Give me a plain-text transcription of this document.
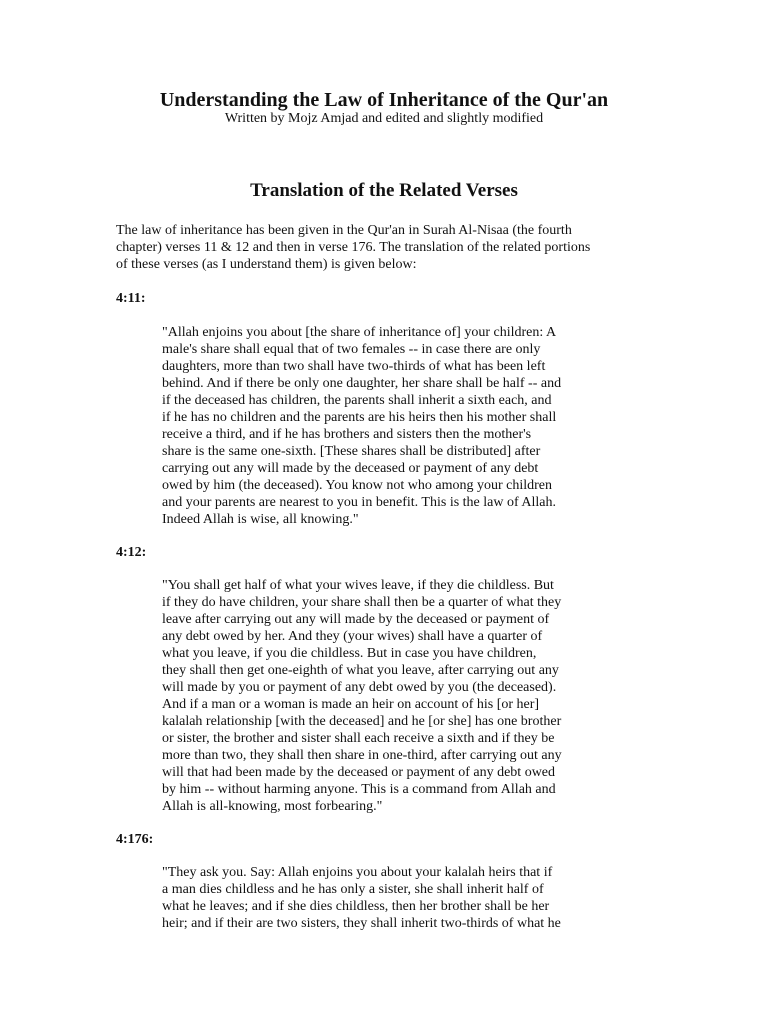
Understanding the Law of Inheritance of the Qur'an
Written by Mojz Amjad and edited and slightly modified
Translation of the Related Verses

The law of inheritance has been given in the Qur'an in Surah Al-Nisaa (the fourth
chapter) verses 11 & 12 and then in verse 176. The translation of the related portions
of these verses (as I understand them) is given below:

4:11:

"Allah enjoins you about [the share of inheritance of] your children: A
male's share shall equal that of two females -- in case there are only
daughters, more than two shall have two-thirds of what has been left
behind. And if there be only one daughter, her share shall be half -- and
if the deceased has children, the parents shall inherit a sixth each, and
if he has no children and the parents are his heirs then his mother shall
receive a third, and if he has brothers and sisters then the mother's
share is the same one-sixth. [These shares shall be distributed] after
carrying out any will made by the deceased or payment of any debt
owed by him (the deceased). You know not who among your children
and your parents are nearest to you in benefit. This is the law of Allah.
Indeed Allah is wise, all knowing."

4:12:

"You shall get half of what your wives leave, if they die childless. But
if they do have children, your share shall then be a quarter of what they
leave after carrying out any will made by the deceased or payment of
any debt owed by her. And they (your wives) shall have a quarter of
what you leave, if you die childless. But in case you have children,
they shall then get one-eighth of what you leave, after carrying out any
will made by you or payment of any debt owed by you (the deceased).
And if a man or a woman is made an heir on account of his [or her]
kalalah relationship [with the deceased] and he [or she] has one brother
or sister, the brother and sister shall each receive a sixth and if they be
more than two, they shall then share in one-third, after carrying out any
will that had been made by the deceased or payment of any debt owed
by him -- without harming anyone. This is a command from Allah and
Allah is all-knowing, most forbearing."

4:176:

"They ask you. Say: Allah enjoins you about your kalalah heirs that if
a man dies childless and he has only a sister, she shall inherit half of
what he leaves; and if she dies childless, then her brother shall be her
heir; and if their are two sisters, they shall inherit two-thirds of what he
